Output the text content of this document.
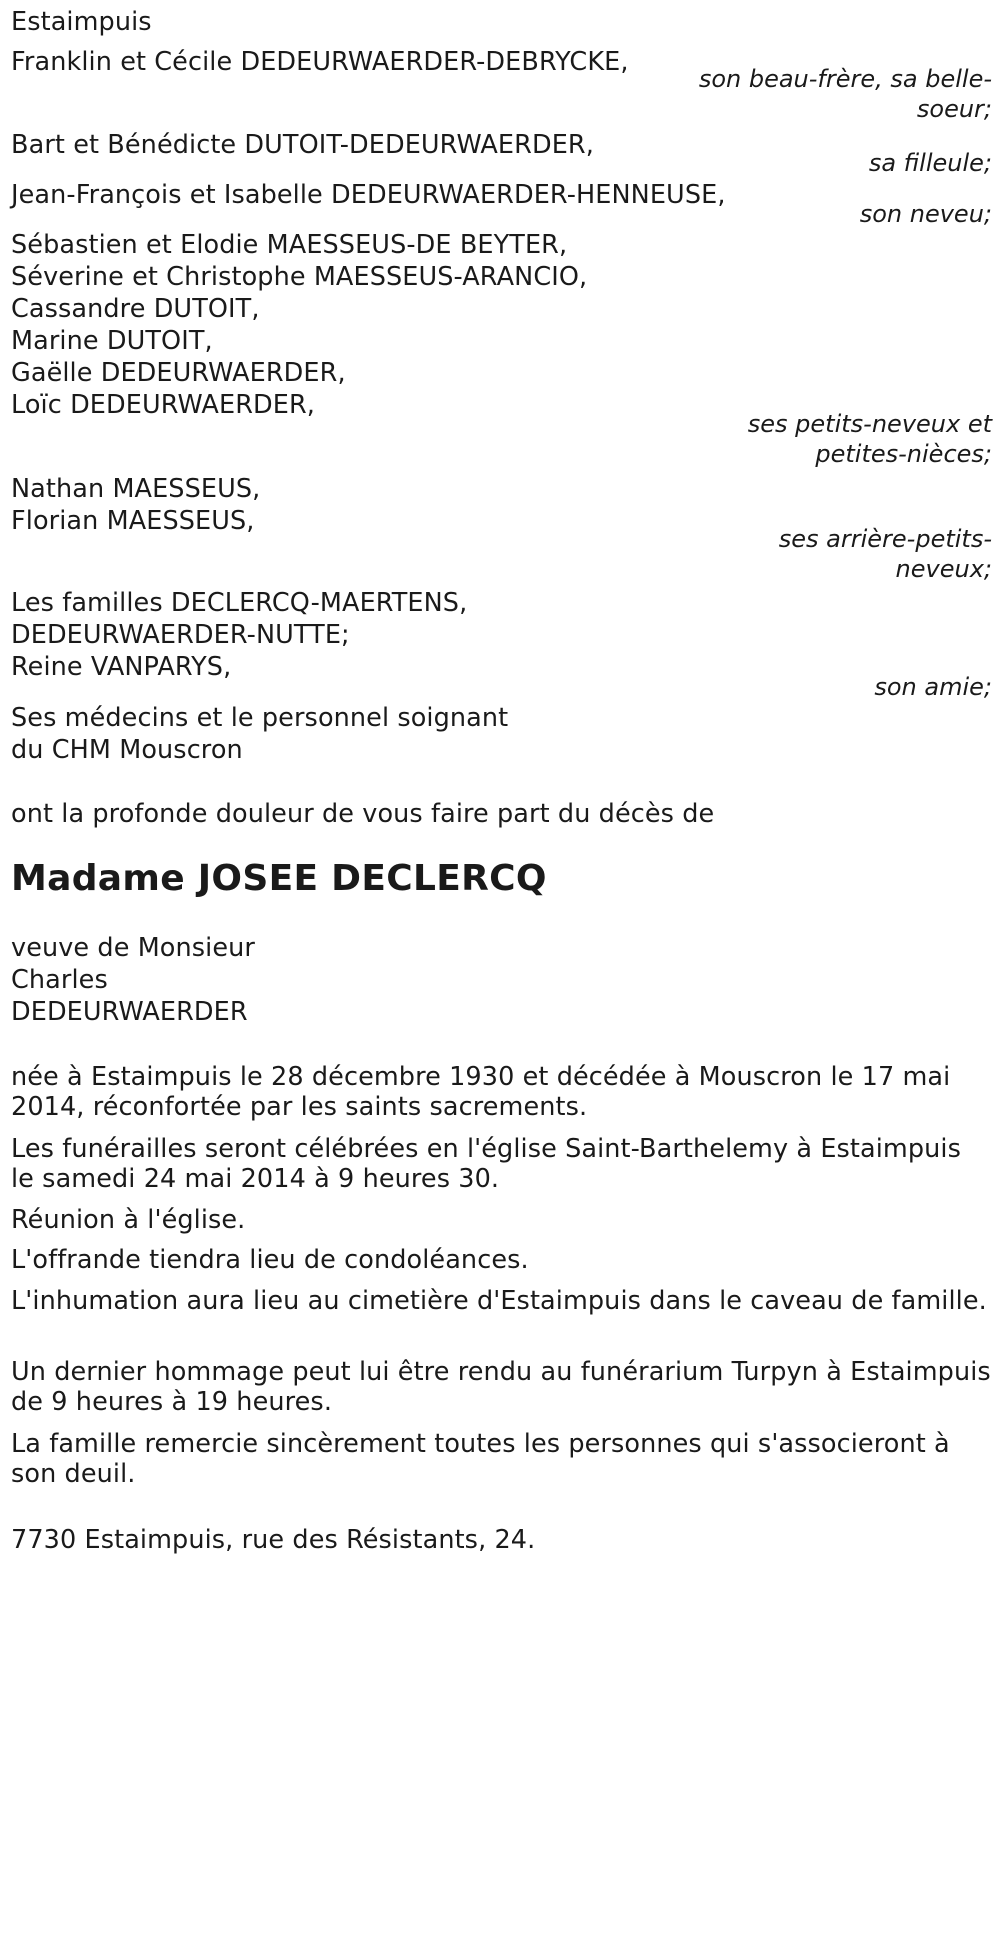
Estaimpuis
Franklin et Cécile DEDEURWAERDER-DEBRYCKE,
son beau-frère, sa belle-soeur;
Bart et Bénédicte DUTOIT-DEDEURWAERDER,
sa filleule;
Jean-François et Isabelle DEDEURWAERDER-HENNEUSE,
son neveu;
Sébastien et Elodie MAESSEUS-DE BEYTER,
Séverine et Christophe MAESSEUS-ARANCIO,
Cassandre DUTOIT,
Marine DUTOIT,
Gaëlle DEDEURWAERDER,
Loïc DEDEURWAERDER,
ses petits-neveux et petites-nièces;
Nathan MAESSEUS,
Florian MAESSEUS,
ses arrière-petits-neveux;
Les familles DECLERCQ-MAERTENS,
DEDEURWAERDER-NUTTE;
Reine VANPARYS,
son amie;
Ses médecins et le personnel soignant
du CHM Mouscron
ont la profonde douleur de vous faire part du décès de
Madame JOSEE DECLERCQ
veuve de Monsieur
Charles
DEDEURWAERDER
née à Estaimpuis le 28 décembre 1930 et décédée à Mouscron le 17 mai 2014, réconfortée par les saints sacrements.
Les funérailles seront célébrées en l'église Saint-Barthelemy à Estaimpuis le samedi 24 mai 2014 à 9 heures 30.
Réunion à l'église.
L'offrande tiendra lieu de condoléances.
L'inhumation aura lieu au cimetière d'Estaimpuis dans le caveau de famille.
Un dernier hommage peut lui être rendu au funérarium Turpyn à Estaimpuis de 9 heures à 19 heures.
La famille remercie sincèrement toutes les personnes qui s'associeront à son deuil.
7730 Estaimpuis, rue des Résistants, 24.
